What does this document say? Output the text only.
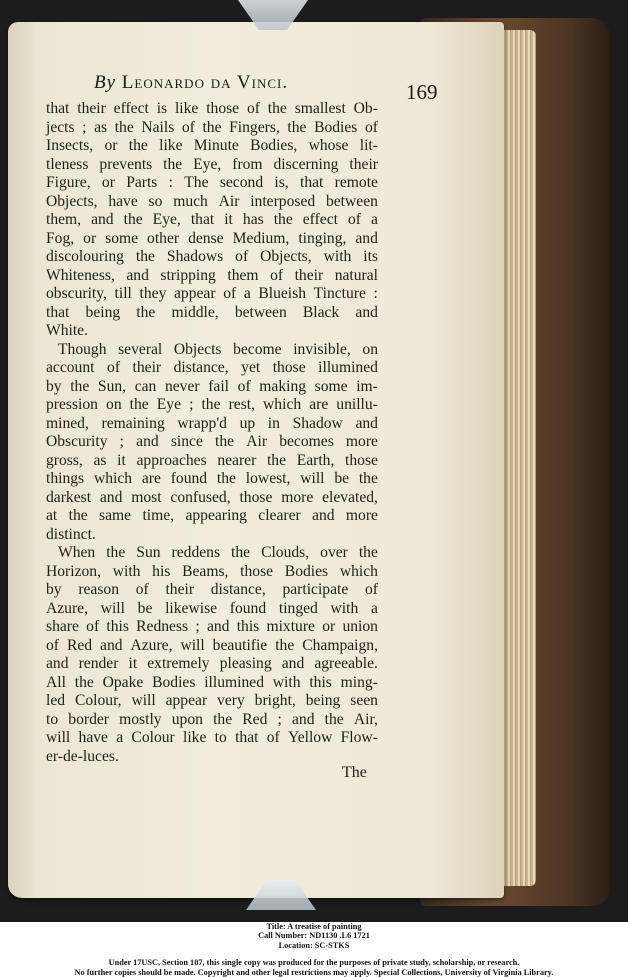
By Leonardo da Vinci.	169
that their effect is like those of the smallest Ob-
jects ; as the Nails of the Fingers, the Bodies of
Insects, or the like Minute Bodies, whose lit-
tleness prevents the Eye, from discerning their
Figure, or Parts : The second is, that remote
Objects, have so much Air interposed between
them, and the Eye, that it has the effect of a
Fog, or some other dense Medium, tinging, and
discolouring the Shadows of Objects, with its
Whiteness, and stripping them of their natural
obscurity, till they appear of a Blueish Tincture :
that being the middle, between Black and
White.
Though several Objects become invisible, on
account of their distance, yet those illumined
by the Sun, can never fail of making some im-
pression on the Eye ; the rest, which are unillu-
mined, remaining wrapp'd up in Shadow and
Obscurity ; and since the Air becomes more
gross, as it approaches nearer the Earth, those
things which are found the lowest, will be the
darkest and most confused, those more elevated,
at the same time, appearing clearer and more
distinct.
When the Sun reddens the Clouds, over the
Horizon, with his Beams, those Bodies which
by reason of their distance, participate of
Azure, will be likewise found tinged with a
share of this Redness ; and this mixture or union
of Red and Azure, will beautifie the Champaign,
and render it extremely pleasing and agreeable.
All the Opake Bodies illumined with this ming-
led Colour, will appear very bright, being seen
to border mostly upon the Red ; and the Air,
will have a Colour like to that of Yellow Flow-
er-de-luces.
The
Title: A treatise of painting
Call Number: ND1130 .L6 1721
Location: SC-STKS
Under 17USC, Section 107, this single copy was produced for the purposes of private study, scholarship, or research.
No further copies should be made. Copyright and other legal restrictions may apply. Special Collections, University of Virginia Library.
